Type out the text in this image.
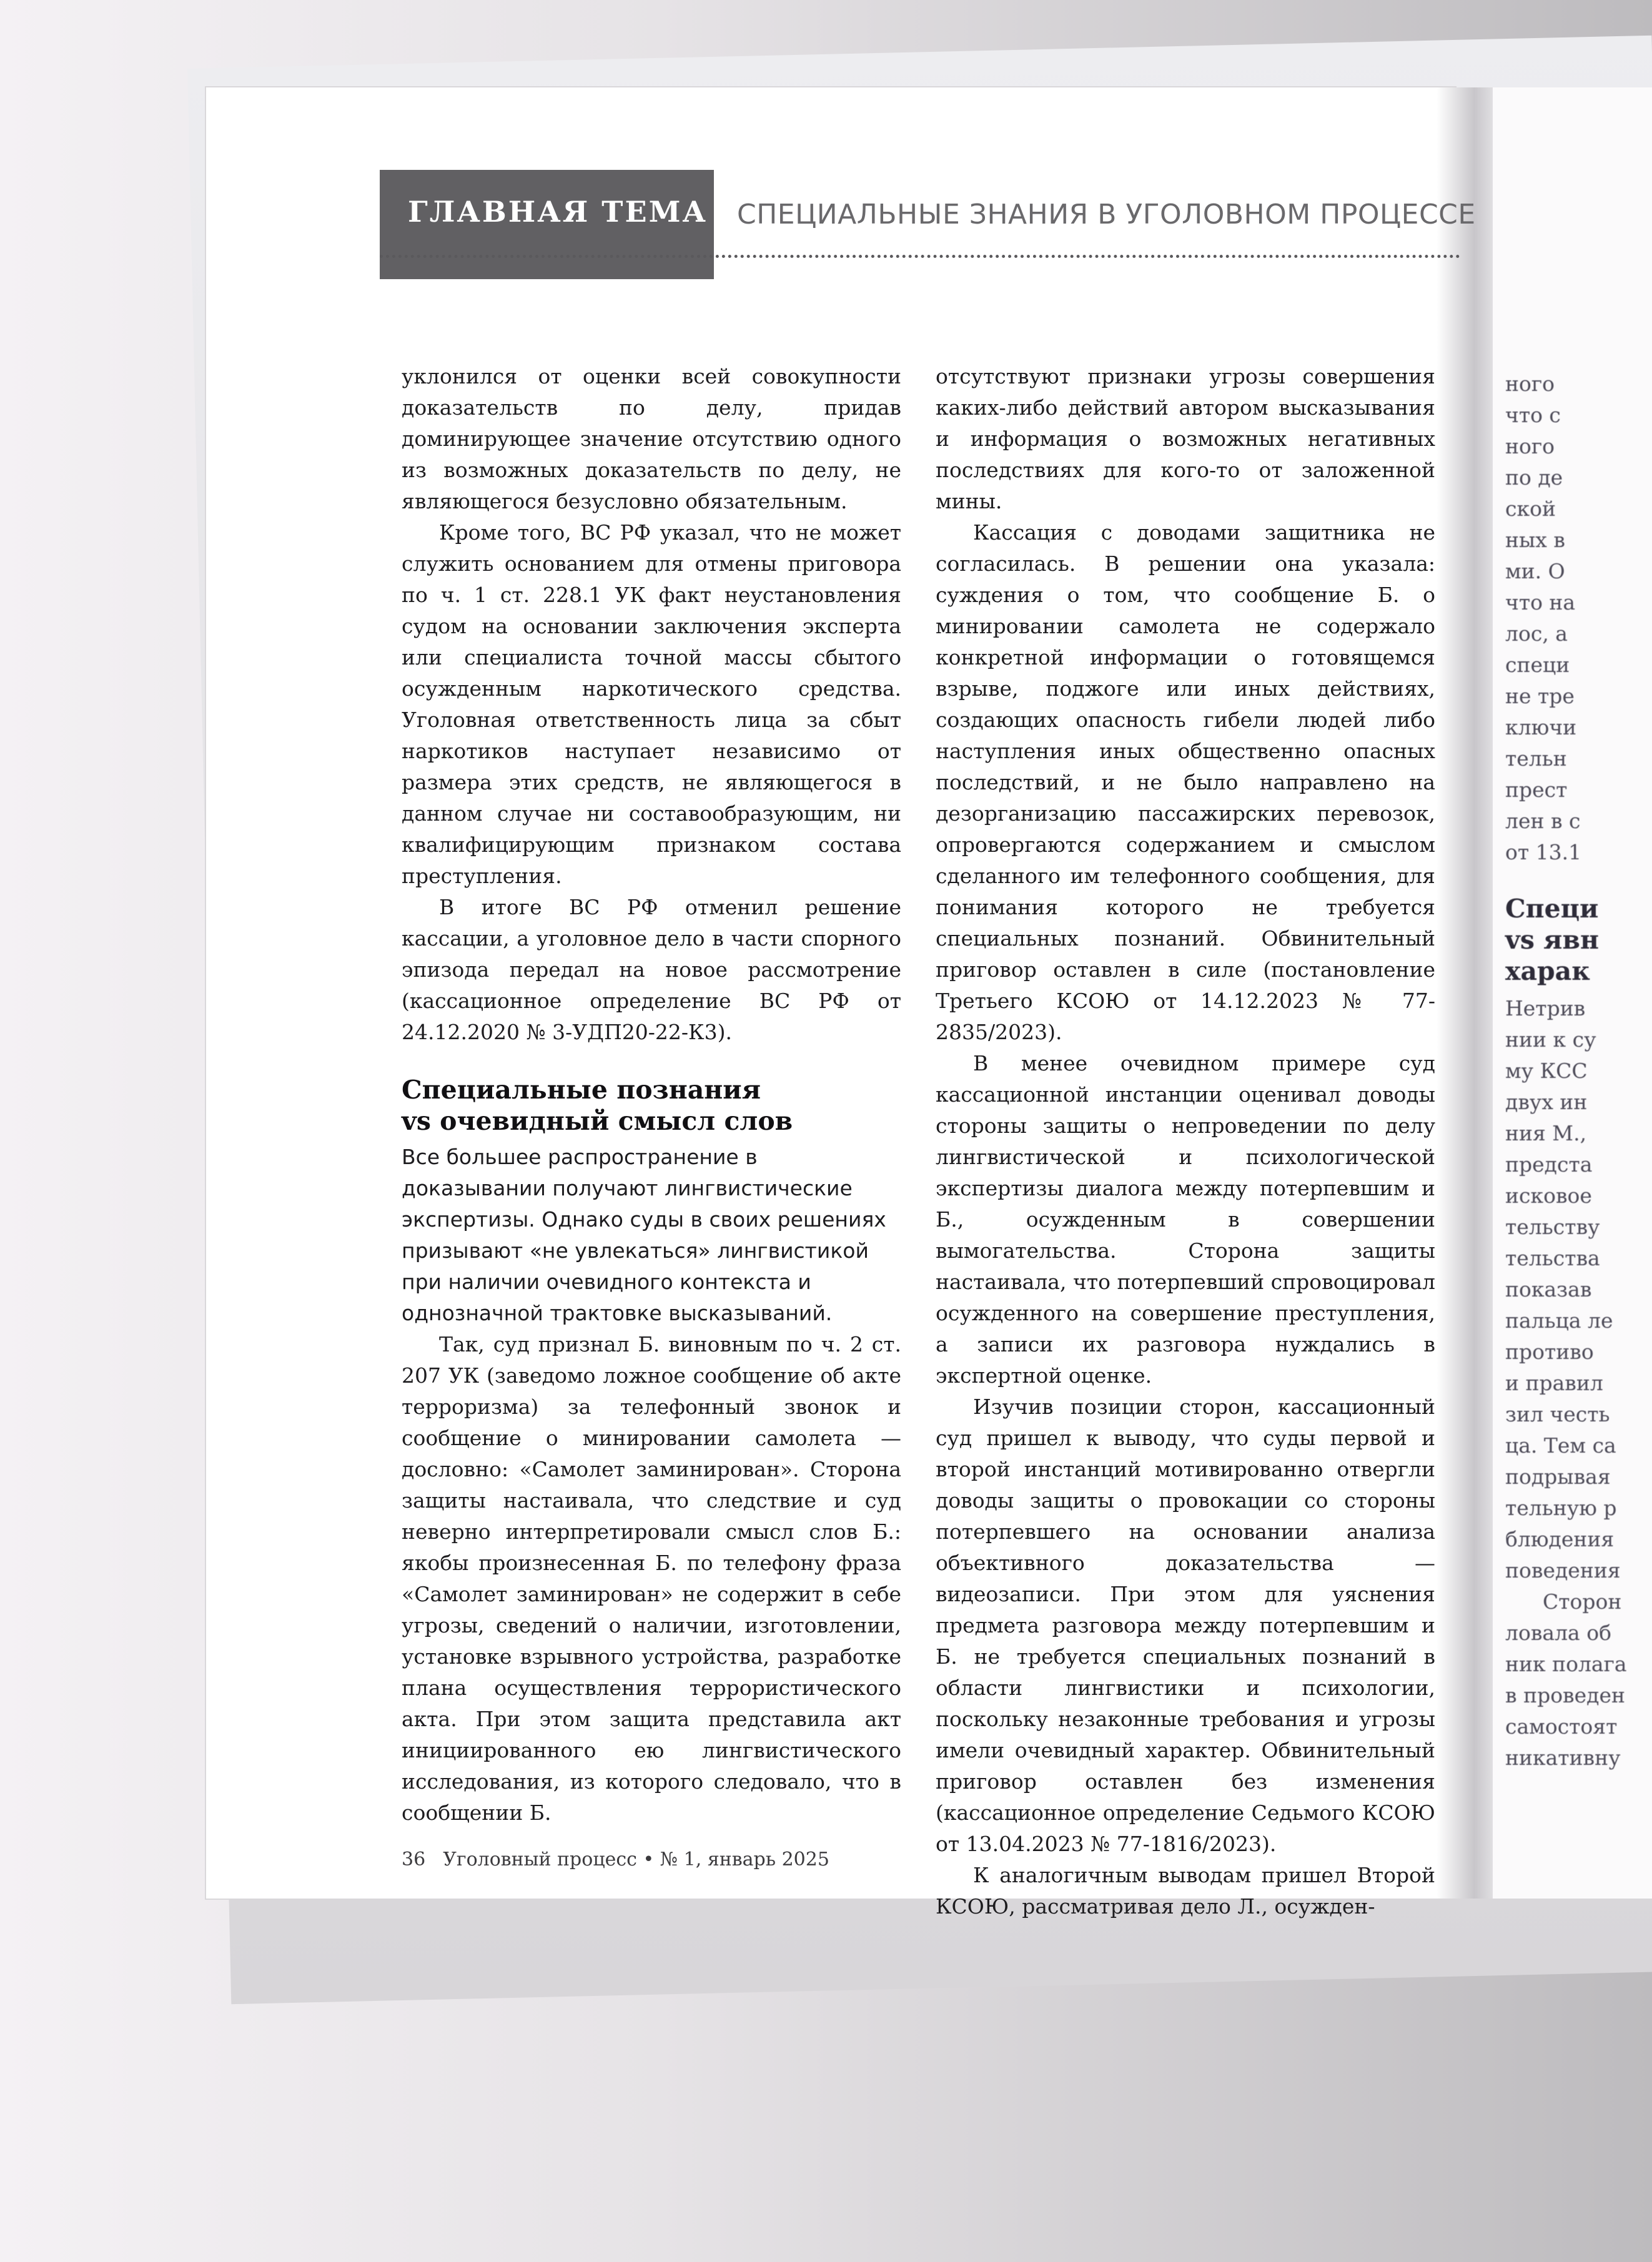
ного
что с
ного
по де
ской
ных в
ми. О
что на
лос, а
специ
не тре
ключи
тельн
прест
лен в с
от 13.1
Специ
vs явн
харак
Нетрив
нии к су
му КСС
двух ин
ния М.,
предста
исковое
тельству
тельства
показав
пальца ле
противо
и правил
зил честь
ца. Тем са
подрывая
тельную р
блюдения
поведения
Сторон
ловала об
ник полага
в проведен
самостоят
никативну
ГЛАВНАЯ ТЕМА СПЕЦИАЛЬНЫЕ ЗНАНИЯ В УГОЛОВНОМ ПРОЦЕССЕ

уклонился от оценки всей совокупности доказательств по делу, придав доминирующее значение отсутствию одного из возможных доказательств по делу, не являющегося безусловно обязательным.

Кроме того, ВС РФ указал, что не может служить основанием для отмены приговора по ч. 1 ст. 228.1 УК факт неустановления судом на основании заключения эксперта или специалиста точной массы сбытого осужденным наркотического средства. Уголовная ответственность лица за сбыт наркотиков наступает независимо от размера этих средств, не являющегося в данном случае ни составообразующим, ни квалифицирующим признаком состава преступления.

В итоге ВС РФ отменил решение кассации, а уголовное дело в части спорного эпизода передал на новое рассмотрение (кассационное определение ВС РФ от 24.12.2020 № 3-УДП20-22-К3).

Специальные познания
vs очевидный смысл слов

Все большее распространение в доказывании получают лингвистические экспертизы. Однако суды в своих решениях призывают «не увлекаться» лингвистикой при наличии очевидного контекста и однозначной трактовке высказываний.

Так, суд признал Б. виновным по ч. 2 ст. 207 УК (заведомо ложное сообщение об акте терроризма) за телефонный звонок и сообщение о минировании самолета — дословно: «Самолет заминирован». Сторона защиты настаивала, что следствие и суд неверно интерпретировали смысл слов Б.: якобы произнесенная Б. по телефону фраза «Самолет заминирован» не содержит в себе угрозы, сведений о наличии, изготовлении, установке взрывного устройства, разработке плана осуществления террористического акта. При этом защита представила акт инициированного ею лингвистического исследования, из которого следовало, что в сообщении Б.

отсутствуют признаки угрозы совершения каких-либо действий автором высказывания и информация о возможных негативных последствиях для кого-то от заложенной мины.

Кассация с доводами защитника не согласилась. В решении она указала: суждения о том, что сообщение Б. о минировании самолета не содержало конкретной информации о готовящемся взрыве, поджоге или иных действиях, создающих опасность гибели людей либо наступления иных общественно опасных последствий, и не было направлено на дезорганизацию пассажирских перевозок, опровергаются содержанием и смыслом сделанного им телефонного сообщения, для понимания которого не требуется специальных познаний. Обвинительный приговор оставлен в силе (постановление Третьего КСОЮ от 14.12.2023 № 77-2835/2023).

В менее очевидном примере суд кассационной инстанции оценивал доводы стороны защиты о непроведении по делу лингвистической и психологической экспертизы диалога между потерпевшим и Б., осужденным в совершении вымогательства. Сторона защиты настаивала, что потерпевший спровоцировал осужденного на совершение преступления, а записи их разговора нуждались в экспертной оценке.

Изучив позиции сторон, кассационный суд пришел к выводу, что суды первой и второй инстанций мотивированно отвергли доводы защиты о провокации со стороны потерпевшего на основании анализа объективного доказательства — видеозаписи. При этом для уяснения предмета разговора между потерпевшим и Б. не требуется специальных познаний в области лингвистики и психологии, поскольку незаконные требования и угрозы имели очевидный характер. Обвинительный приговор оставлен без изменения (кассационное определение Седьмого КСОЮ от 13.04.2023 № 77-1816/2023).

К аналогичным выводам пришел Второй КСОЮ, рассматривая дело Л., осужден-

36 Уголовный процесс • № 1, январь 2025
